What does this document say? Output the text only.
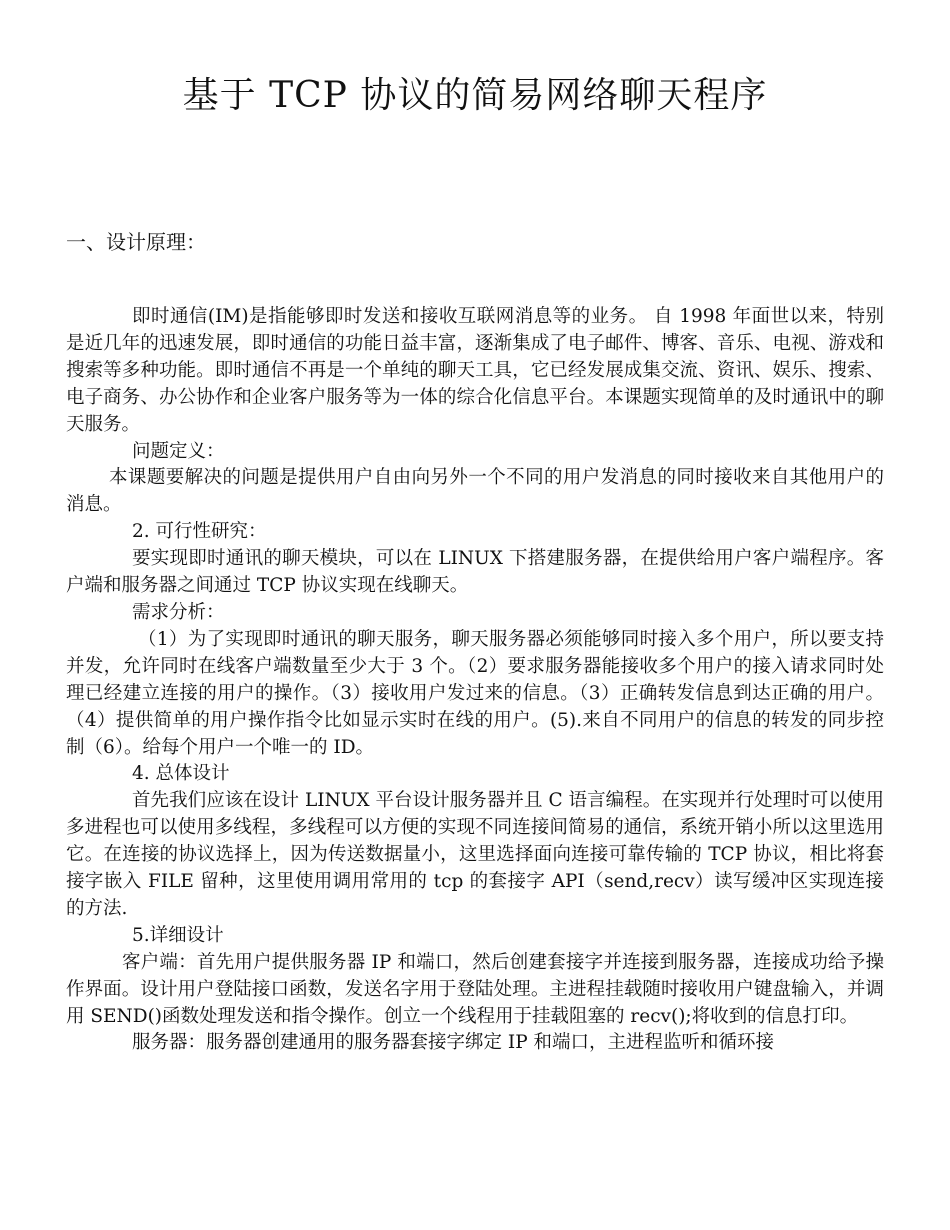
基于 TCP 协议的简易网络聊天程序
一、设计原理：

即时通信(IM)是指能够即时发送和接收互联网消息等的业务。 自 1998 年面世以来，特别是近几年的迅速发展，即时通信的功能日益丰富，逐渐集成了电子邮件、博客、音乐、电视、游戏和搜索等多种功能。即时通信不再是一个单纯的聊天工具，它已经发展成集交流、资讯、娱乐、搜索、电子商务、办公协作和企业客户服务等为一体的综合化信息平台。本课题实现简单的及时通讯中的聊天服务。

问题定义：

本课题要解决的问题是提供用户自由向另外一个不同的用户发消息的同时接收来自其他用户的消息。

2. 可行性研究：

要实现即时通讯的聊天模块，可以在 LINUX 下搭建服务器，在提供给用户客户端程序。客户端和服务器之间通过 TCP 协议实现在线聊天。

需求分析：

（1）为了实现即时通讯的聊天服务，聊天服务器必须能够同时接入多个用户，所以要支持并发，允许同时在线客户端数量至少大于 3 个。（2）要求服务器能接收多个用户的接入请求同时处理已经建立连接的用户的操作。（3）接收用户发过来的信息。（3）正确转发信息到达正确的用户。（4）提供简单的用户操作指令比如显示实时在线的用户。(5).来自不同用户的信息的转发的同步控制（6）。给每个用户一个唯一的 ID。

4. 总体设计

首先我们应该在设计 LINUX 平台设计服务器并且 C 语言编程。在实现并行处理时可以使用多进程也可以使用多线程，多线程可以方便的实现不同连接间简易的通信，系统开销小所以这里选用它。在连接的协议选择上，因为传送数据量小，这里选择面向连接可靠传输的 TCP 协议，相比将套接字嵌入 FILE 留种，这里使用调用常用的 tcp 的套接字 API（send,recv）读写缓冲区实现连接的方法.

5.详细设计

客户端：首先用户提供服务器 IP 和端口，然后创建套接字并连接到服务器，连接成功给予操作界面。设计用户登陆接口函数，发送名字用于登陆处理。主进程挂载随时接收用户键盘输入，并调用 SEND()函数处理发送和指令操作。创立一个线程用于挂载阻塞的 recv();将收到的信息打印。

服务器：服务器创建通用的服务器套接字绑定 IP 和端口，主进程监听和循环接
